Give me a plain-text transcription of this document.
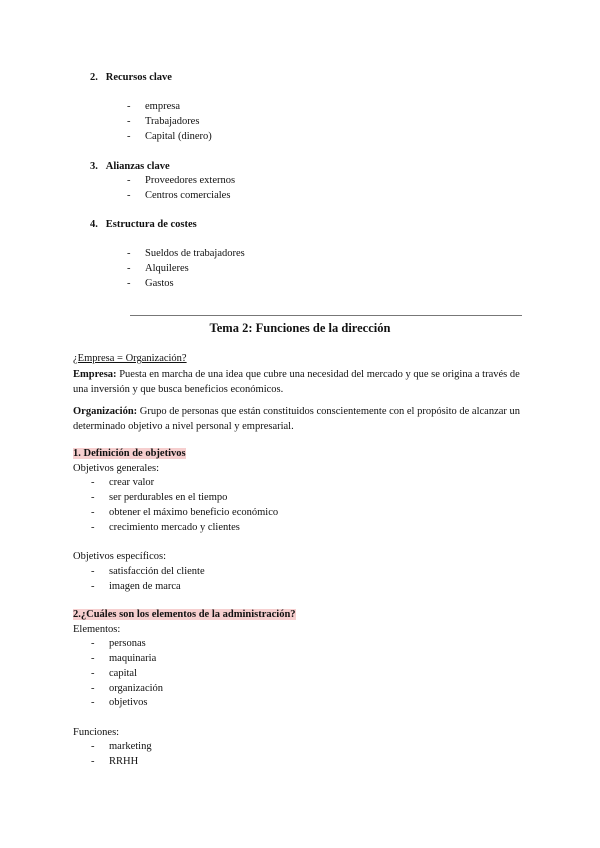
2. Recursos clave
- empresa
- Trabajadores
- Capital (dinero)
3. Alianzas clave
- Proveedores externos
- Centros comerciales
4. Estructura de costes
- Sueldos de trabajadores
- Alquileres
- Gastos
Tema 2: Funciones de la dirección
¿Empresa = Organización?
Empresa: Puesta en marcha de una idea que cubre una necesidad del mercado y que se origina a través de una inversión y que busca beneficios económicos.
Organización: Grupo de personas que están constituidos conscientemente con el propósito de alcanzar un determinado objetivo a nivel personal y empresarial.
1. Definición de objetivos
Objetivos generales:
- crear valor
- ser perdurables en el tiempo
- obtener el máximo beneficio económico
- crecimiento mercado y clientes
Objetivos específicos:
- satisfacción del cliente
- imagen de marca
2.¿Cuáles son los elementos de la administración?
Elementos:
- personas
- maquinaria
- capital
- organización
- objetivos
Funciones:
- marketing
- RRHH
